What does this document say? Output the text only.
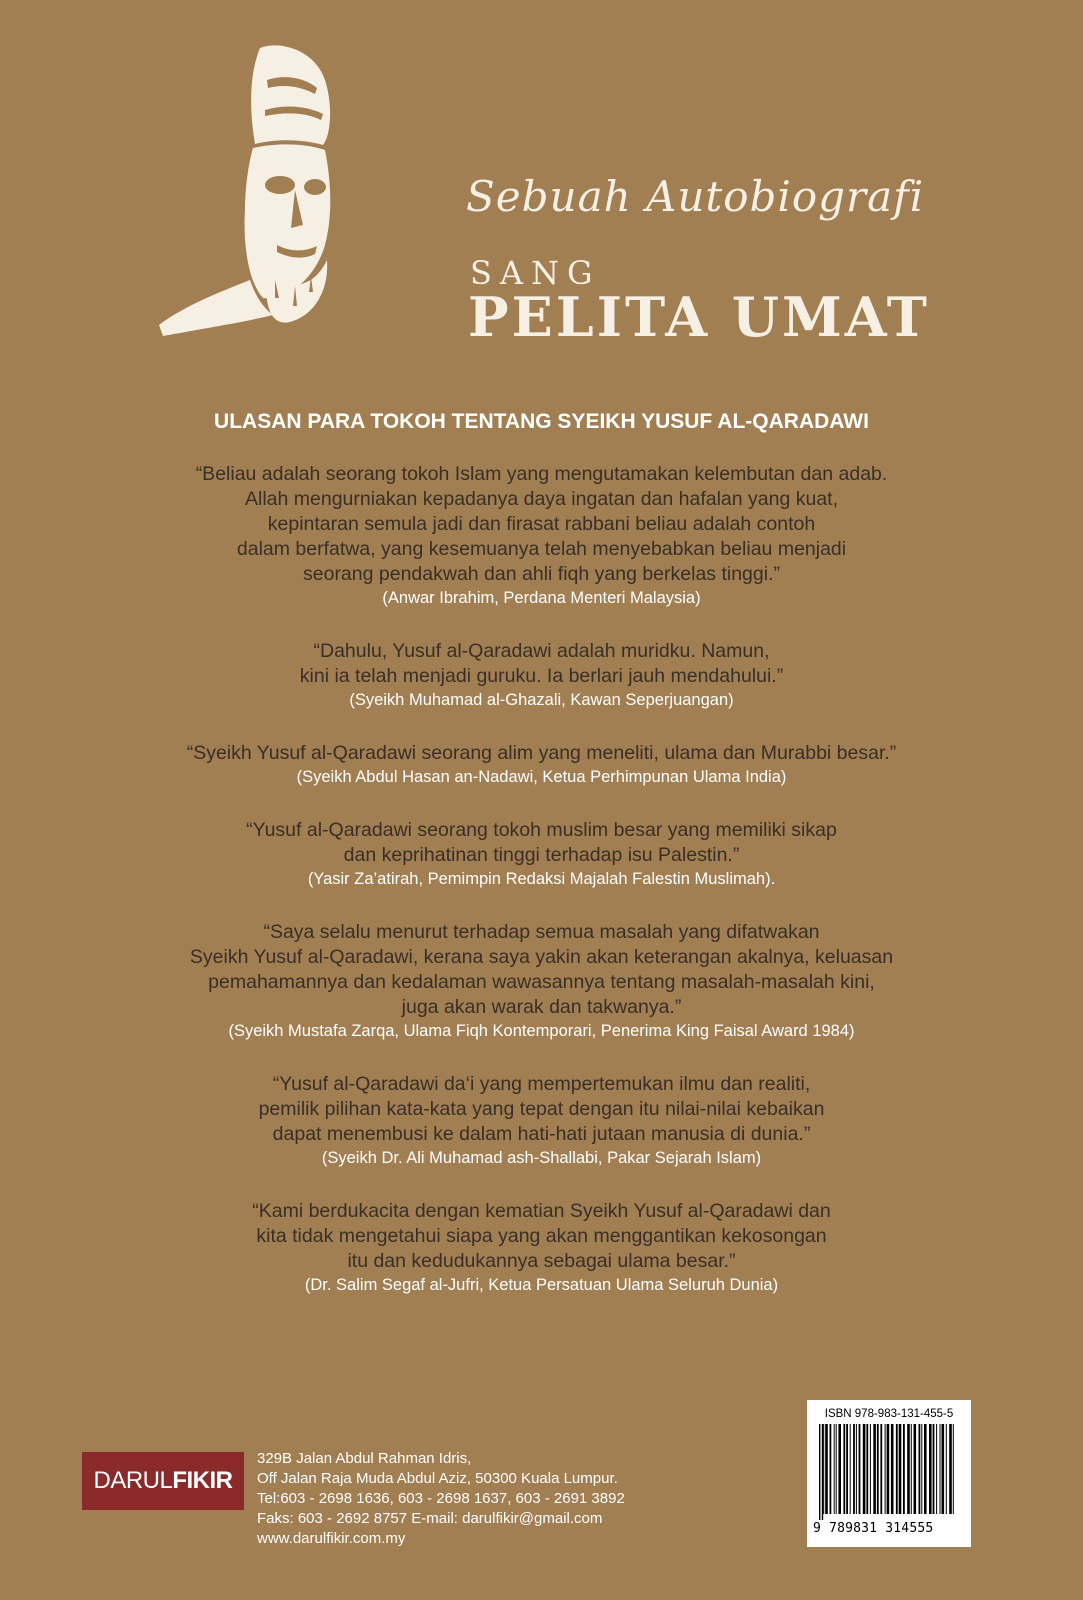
Sebuah Autobiografi
SANG
PELITA UMAT
ULASAN PARA TOKOH TENTANG SYEIKH YUSUF AL-QARADAWI
“Beliau adalah seorang tokoh Islam yang mengutamakan kelembutan dan adab.
Allah mengurniakan kepadanya daya ingatan dan hafalan yang kuat,
kepintaran semula jadi dan firasat rabbani beliau adalah contoh
dalam berfatwa, yang kesemuanya telah menyebabkan beliau menjadi
seorang pendakwah dan ahli fiqh yang berkelas tinggi.”
(Anwar Ibrahim, Perdana Menteri Malaysia)
“Dahulu, Yusuf al-Qaradawi adalah muridku. Namun,
kini ia telah menjadi guruku. Ia berlari jauh mendahului.”
(Syeikh Muhamad al-Ghazali, Kawan Seperjuangan)
“Syeikh Yusuf al-Qaradawi seorang alim yang meneliti, ulama dan Murabbi besar.”
(Syeikh Abdul Hasan an-Nadawi, Ketua Perhimpunan Ulama India)
“Yusuf al-Qaradawi seorang tokoh muslim besar yang memiliki sikap
dan keprihatinan tinggi terhadap isu Palestin.”
(Yasir Za’atirah, Pemimpin Redaksi Majalah Falestin Muslimah).
“Saya selalu menurut terhadap semua masalah yang difatwakan
Syeikh Yusuf al-Qaradawi, kerana saya yakin akan keterangan akalnya, keluasan
pemahamannya dan kedalaman wawasannya tentang masalah-masalah kini,
juga akan warak dan takwanya.”
(Syeikh Mustafa Zarqa, Ulama Fiqh Kontemporari, Penerima King Faisal Award 1984)
“Yusuf al-Qaradawi da‘i yang mempertemukan ilmu dan realiti,
pemilik pilihan kata-kata yang tepat dengan itu nilai-nilai kebaikan
dapat menembusi ke dalam hati-hati jutaan manusia di dunia.”
(Syeikh Dr. Ali Muhamad ash-Shallabi, Pakar Sejarah Islam)
“Kami berdukacita dengan kematian Syeikh Yusuf al-Qaradawi dan
kita tidak mengetahui siapa yang akan menggantikan kekosongan
itu dan kedudukannya sebagai ulama besar.”
(Dr. Salim Segaf al-Jufri, Ketua Persatuan Ulama Seluruh Dunia)
DARUL FIKIR
329B Jalan Abdul Rahman Idris,
Off Jalan Raja Muda Abdul Aziz, 50300 Kuala Lumpur.
Tel:603 - 2698 1636, 603 - 2698 1637, 603 - 2691 3892
Faks: 603 - 2692 8757 E-mail: darulfikir@gmail.com
www.darulfikir.com.my
ISBN 978-983-131-455-5
9 789831 314555
